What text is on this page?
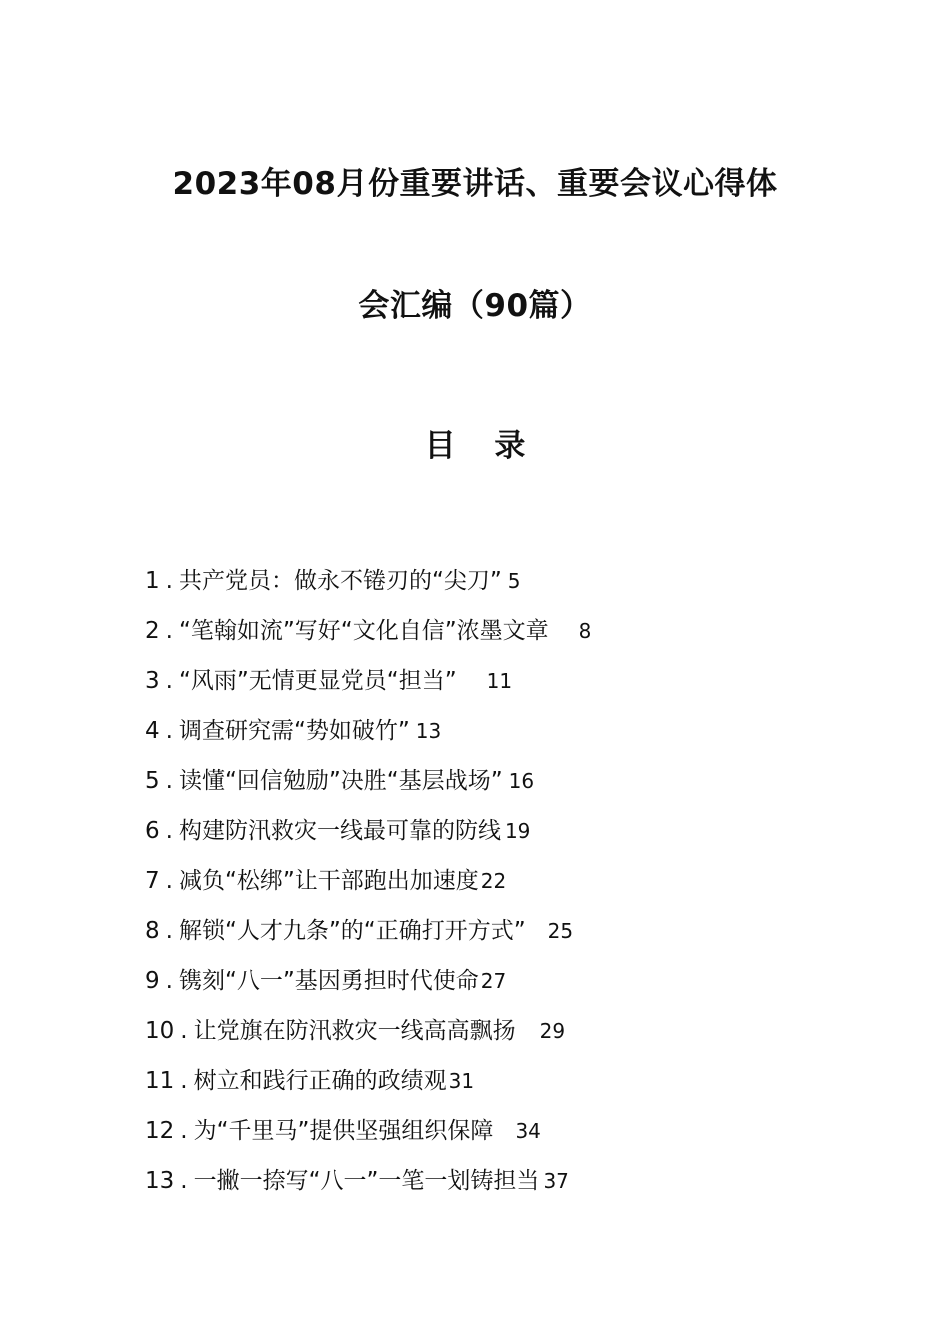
2023年08月份重要讲话、重要会议心得体
会汇编（90篇）
目 录
1 . 共产党员：做永不锩刃的“尖刀” 5
2 . “笔翰如流”写好“文化自信”浓墨文章 8
3 . “风雨”无情更显党员“担当” 11
4 . 调查研究需“势如破竹” 13
5 . 读懂“回信勉励”决胜“基层战场” 16
6 . 构建防汛救灾一线最可靠的防线 19
7 . 减负“松绑”让干部跑出加速度 22
8 . 解锁“人才九条”的“正确打开方式” 25
9 . 镌刻“八一”基因勇担时代使命 27
10 . 让党旗在防汛救灾一线高高飘扬 29
11 . 树立和践行正确的政绩观 31
12 . 为“千里马”提供坚强组织保障 34
13 . 一撇一捺写“八一”一笔一划铸担当 37
